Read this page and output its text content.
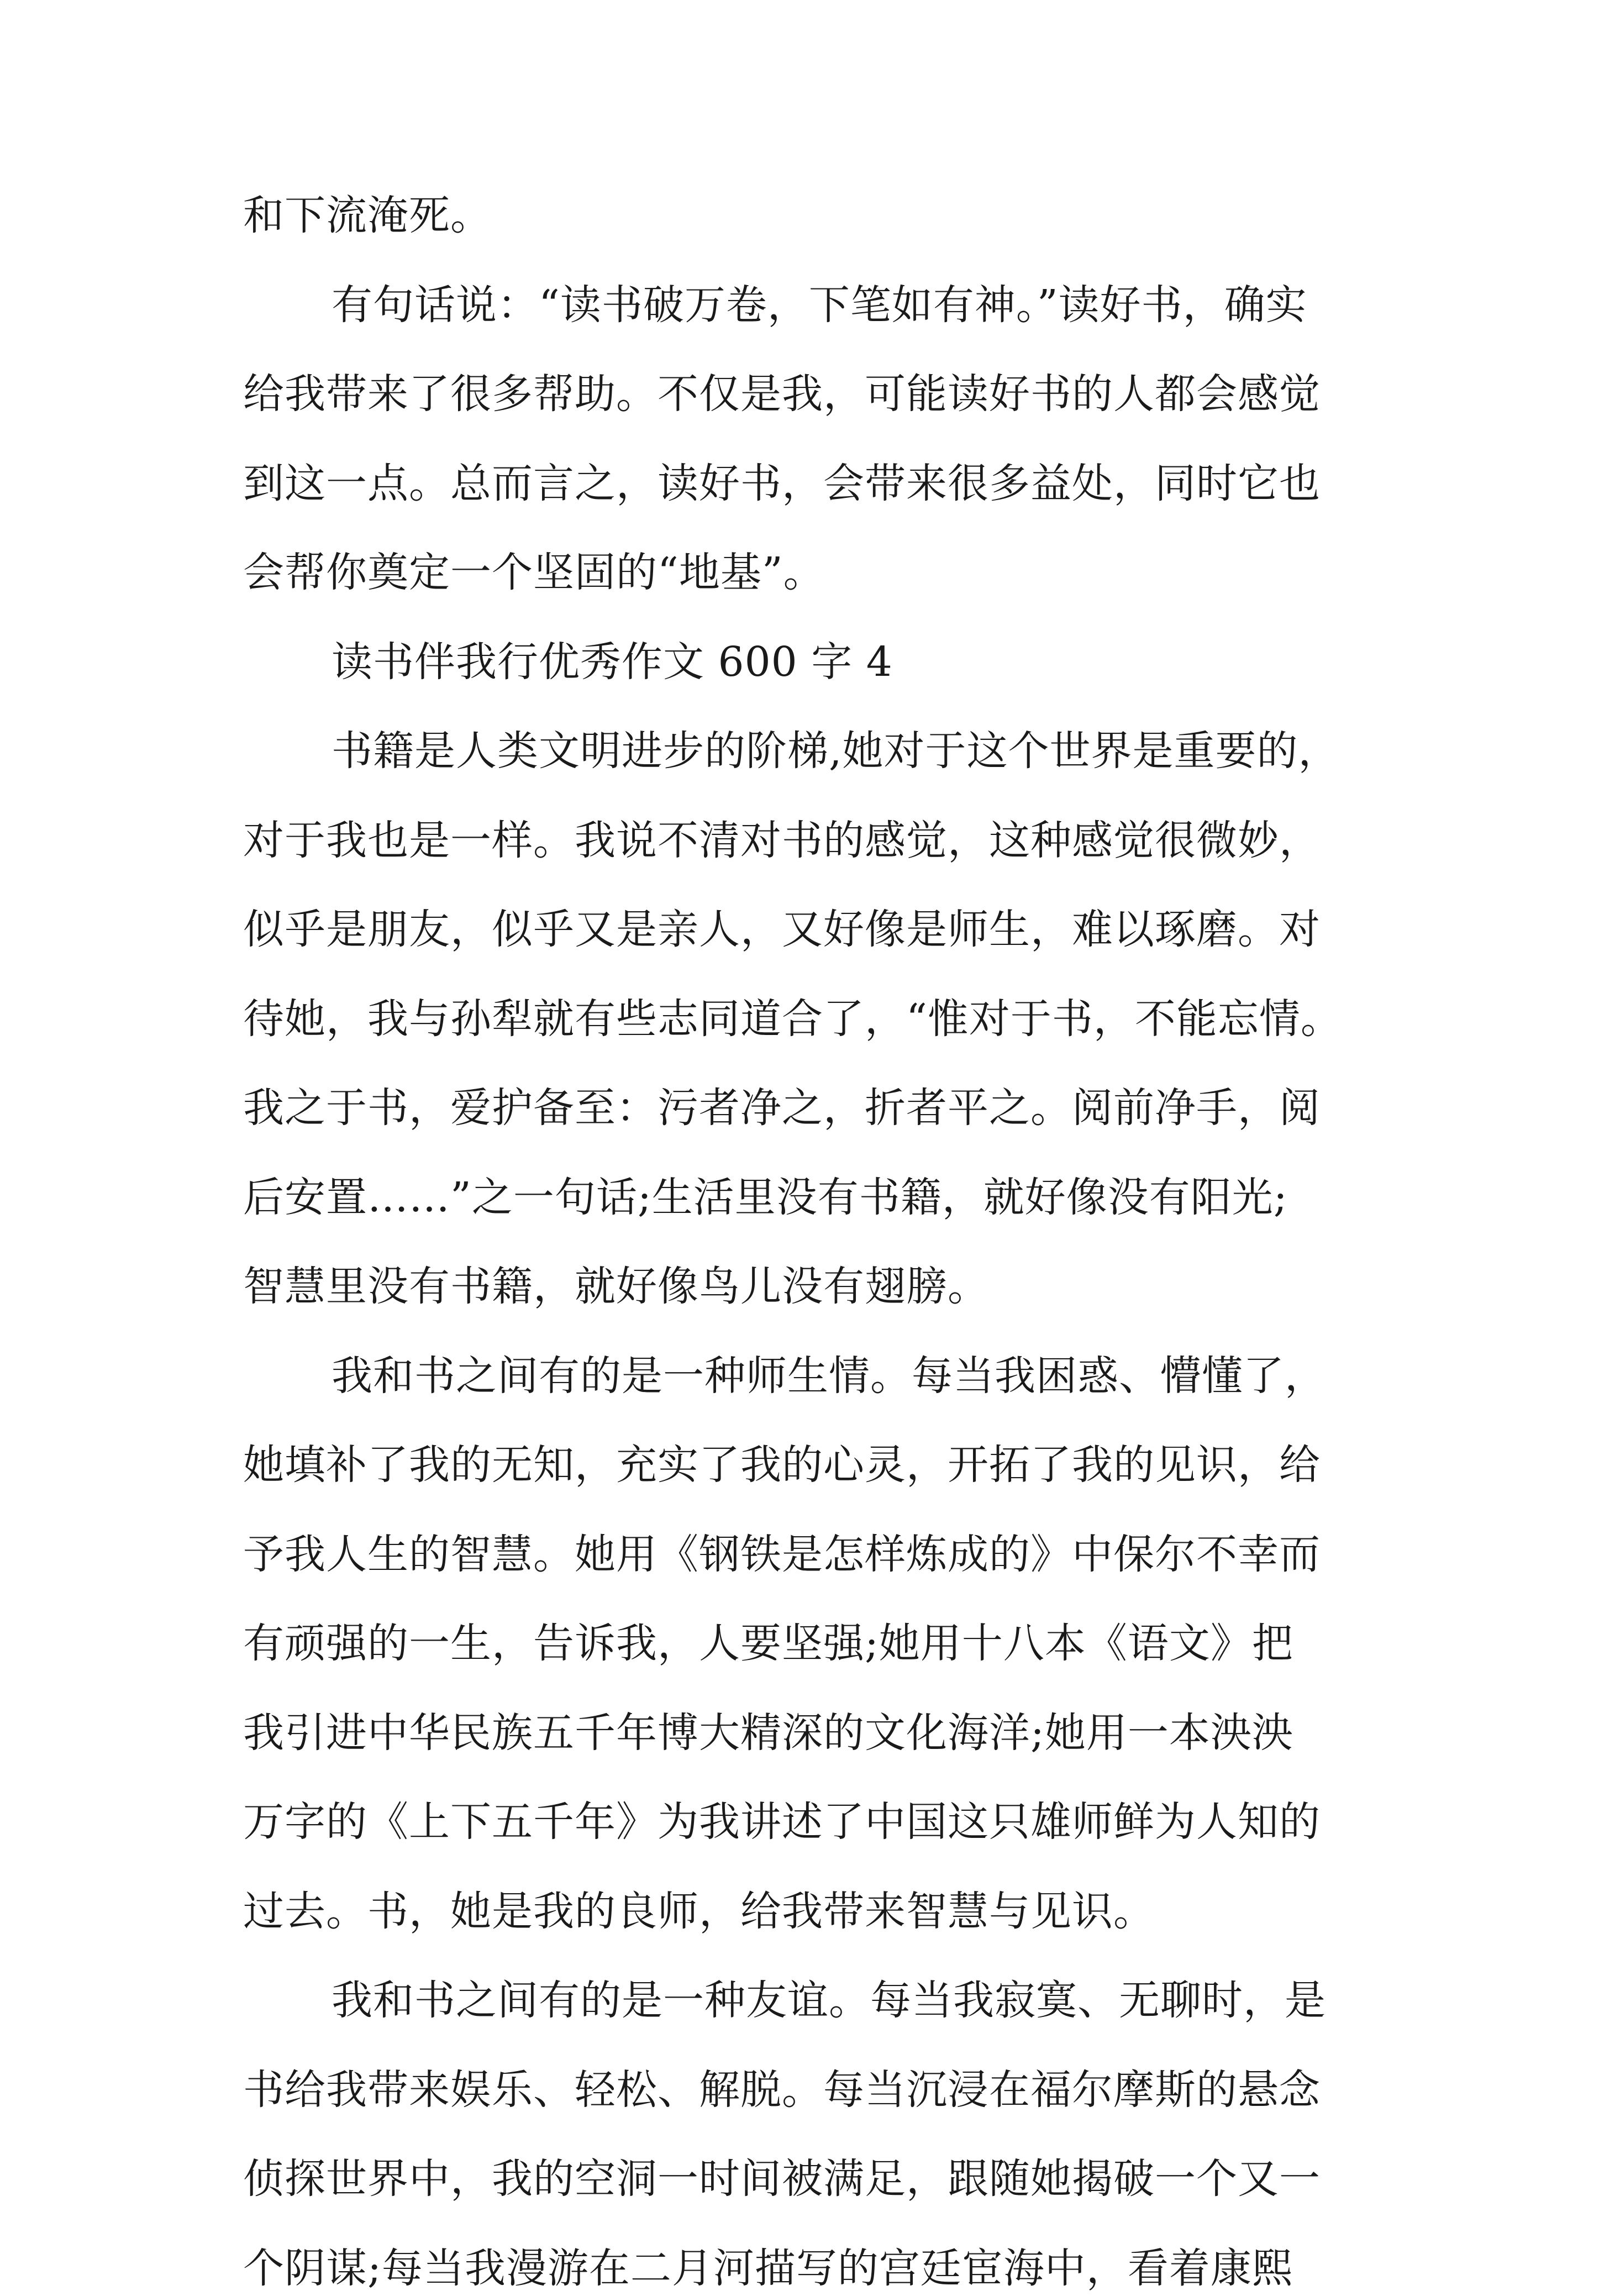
和下流淹死。
有句话说：“读书破万卷，下笔如有神。”读好书，确实
给我带来了很多帮助。不仅是我，可能读好书的人都会感觉
到这一点。总而言之，读好书，会带来很多益处，同时它也
会帮你奠定一个坚固的“地基”。
读书伴我行优秀作文 600 字 4
书籍是人类文明进步的阶梯,她对于这个世界是重要的，
对于我也是一样。我说不清对书的感觉，这种感觉很微妙，
似乎是朋友，似乎又是亲人，又好像是师生，难以琢磨。对
待她，我与孙犁就有些志同道合了，“惟对于书，不能忘情。
我之于书，爱护备至：污者净之，折者平之。阅前净手，阅
后安置……”之一句话;生活里没有书籍，就好像没有阳光;
智慧里没有书籍，就好像鸟儿没有翅膀。
我和书之间有的是一种师生情。每当我困惑、懵懂了，
她填补了我的无知，充实了我的心灵，开拓了我的见识，给
予我人生的智慧。她用《钢铁是怎样炼成的》中保尔不幸而
有顽强的一生，告诉我，人要坚强;她用十八本《语文》把
我引进中华民族五千年博大精深的文化海洋;她用一本泱泱
万字的《上下五千年》为我讲述了中国这只雄师鲜为人知的
过去。书，她是我的良师，给我带来智慧与见识。
我和书之间有的是一种友谊。每当我寂寞、无聊时，是
书给我带来娱乐、轻松、解脱。每当沉浸在福尔摩斯的悬念
侦探世界中，我的空洞一时间被满足，跟随她揭破一个又一
个阴谋;每当我漫游在二月河描写的宫廷宦海中，看着康熙
